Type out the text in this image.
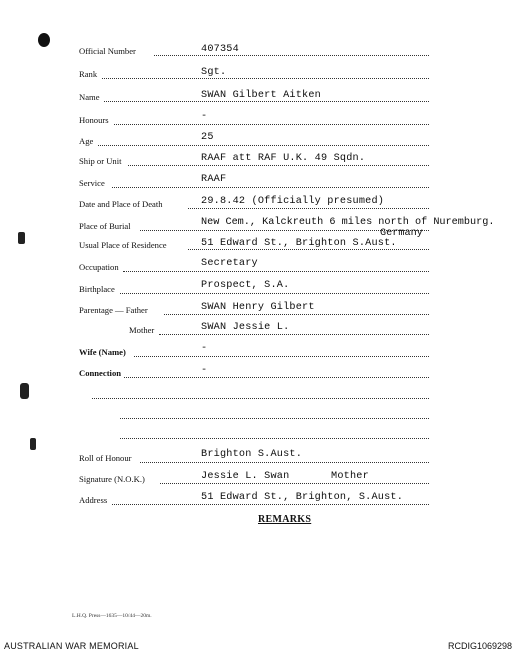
Official Number	407354
Rank	Sgt.
Name	SWAN Gilbert Aitken
Honours	-
Age	25
Ship or Unit	RAAF att RAF U.K. 49 Sqdn.
Service	RAAF
Date and Place of Death	29.8.42 (Officially presumed)
Place of Burial	New Cem., Kalckreuth 6 miles north of Nuremburg.
Germany
Usual Place of Residence	51 Edward St., Brighton S.Aust.
Occupation	Secretary
Birthplace	Prospect, S.A.
Parentage — Father	SWAN Henry Gilbert
Mother	SWAN Jessie L.
Wife (Name)	-
Connection	-
Roll of Honour	Brighton S.Aust.
Signature (N.O.K.)	Jessie L. Swan	Mother
Address	51 Edward St., Brighton, S.Aust.
REMARKS
L.H.Q. Press—1635—10/44—20m.
AUSTRALIAN WAR MEMORIAL	RCDIG1069298
